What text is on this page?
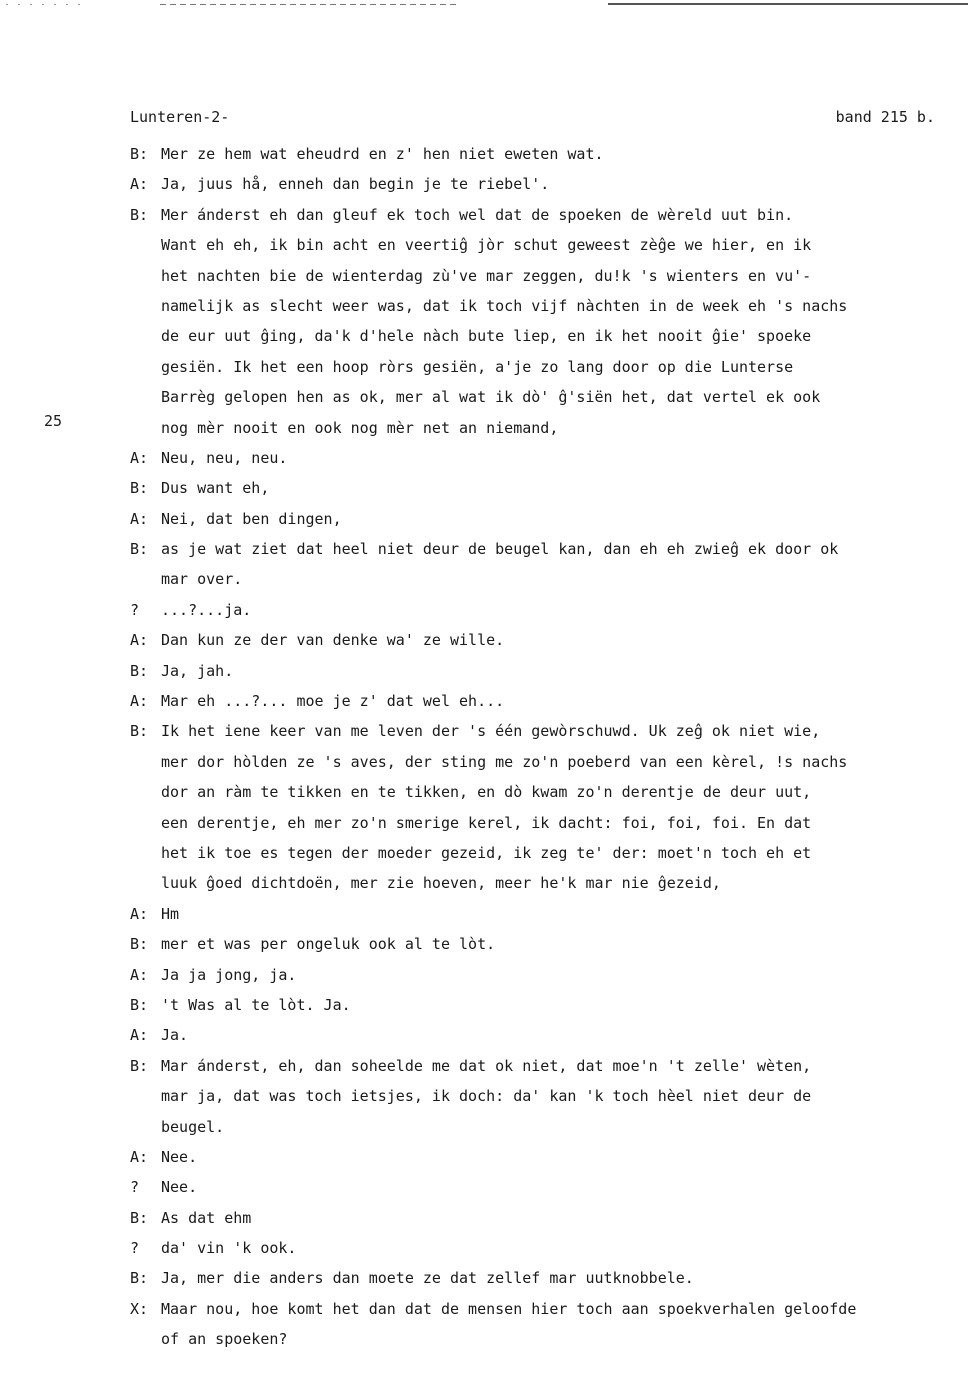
Lunteren-2-	band 215 b.
25
B: Mer ze hem wat eheudrd en z' hen niet eweten wat.
A: Ja, juus hå, enneh dan begin je te riebel'.
B: Mer ánderst eh dan gleuf ek toch wel dat de spoeken de wèreld uut bin.
Want eh eh, ik bin acht en veertiĝ jòr schut geweest zèĝe we hier, en ik
het nachten bie de wienterdag zù've mar zeggen, du!k 's wienters en vu'-
namelijk as slecht weer was, dat ik toch vijf nàchten in de week eh 's nachs
de eur uut ĝing, da'k d'hele nàch bute liep, en ik het nooit ĝie' spoeke
gesiën. Ik het een hoop ròrs gesiën, a'je zo lang door op die Lunterse
Barrèg gelopen hen as ok, mer al wat ik dò' ĝ'siën het, dat vertel ek ook
nog mèr nooit en ook nog mèr net an niemand,
A: Neu, neu, neu.
B: Dus want eh,
A: Nei, dat ben dingen,
B: as je wat ziet dat heel niet deur de beugel kan, dan eh eh zwieĝ ek door ok
mar over.
?	...?...ja.
A: Dan kun ze der van denke wa' ze wille.
B: Ja, jah.
A: Mar eh ...?... moe je z' dat wel eh...
B: Ik het iene keer van me leven der 's één gewòrschuwd. Uk zeĝ ok niet wie,
mer dor hòlden ze 's aves, der sting me zo'n poeberd van een kèrel, !s nachs
dor an ràm te tikken en te tikken, en dò kwam zo'n derentje de deur uut,
een derentje, eh mer zo'n smerige kerel, ik dacht: foi, foi, foi. En dat
het ik toe es tegen der moeder gezeid, ik zeg te' der: moet'n toch eh et
luuk ĝoed dichtdoën, mer zie hoeven, meer he'k mar nie ĝezeid,
A: Hm
B: mer et was per ongeluk ook al te lòt.
A: Ja ja jong, ja.
B: 't Was al te lòt. Ja.
A: Ja.
B: Mar ánderst, eh, dan soheelde me dat ok niet, dat moe'n 't zelle' wèten,
mar ja, dat was toch ietsjes, ik doch: da' kan 'k toch hèel niet deur de
beugel.
A: Nee.
?	Nee.
B: As dat ehm
?	da' vin 'k ook.
B: Ja, mer die anders dan moete ze dat zellef mar uutknobbele.
X: Maar nou, hoe komt het dan dat de mensen hier toch aan spoekverhalen geloofde
of an spoeken?
